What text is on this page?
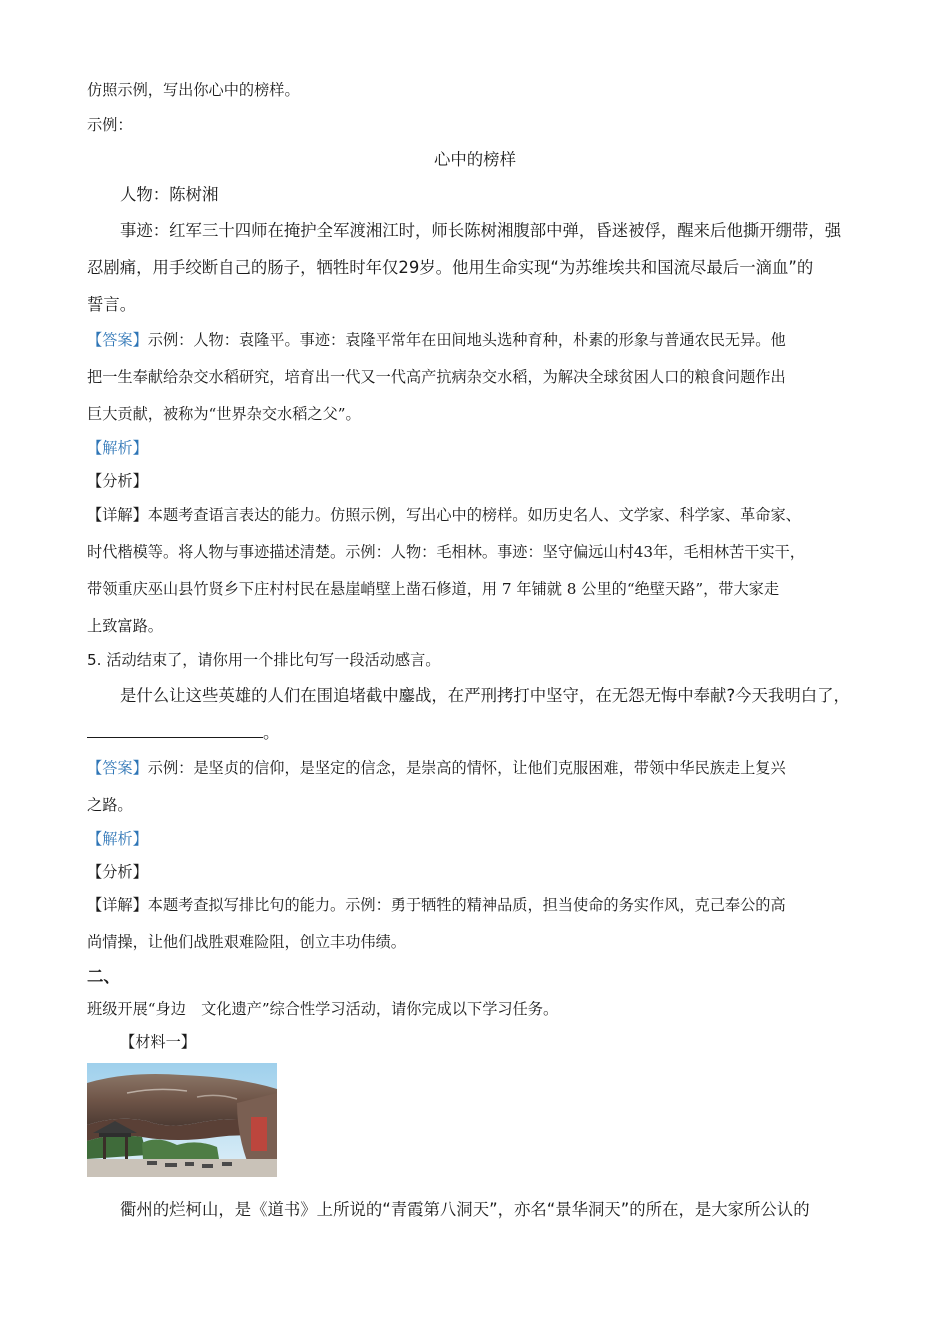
仿照示例，写出你心中的榜样。
示例：
心中的榜样
人物：陈树湘
事迹：红军三十四师在掩护全军渡湘江时，师长陈树湘腹部中弹，昏迷被俘，醒来后他撕开绷带，强
忍剧痛，用手绞断自己的肠子，牺牲时年仅29岁。他用生命实现“为苏维埃共和国流尽最后一滴血”的
誓言。
【答案】示例：人物：袁隆平。事迹：袁隆平常年在田间地头选种育种，朴素的形象与普通农民无异。他
把一生奉献给杂交水稻研究，培育出一代又一代高产抗病杂交水稻，为解决全球贫困人口的粮食问题作出
巨大贡献，被称为“世界杂交水稻之父”。
【解析】
【分析】
【详解】本题考查语言表达的能力。仿照示例，写出心中的榜样。如历史名人、文学家、科学家、革命家、
时代楷模等。将人物与事迹描述清楚。示例：人物：毛相林。事迹：坚守偏远山村43年，毛相林苦干实干，
带领重庆巫山县竹贤乡下庄村村民在悬崖峭壁上凿石修道，用 7 年铺就 8 公里的“绝壁天路”，带大家走
上致富路。
5. 活动结束了，请你用一个排比句写一段活动感言。
是什么让这些英雄的人们在围追堵截中鏖战，在严刑拷打中坚守，在无怨无悔中奉献?今天我明白了，
。
【答案】示例：是坚贞的信仰，是坚定的信念，是崇高的情怀，让他们克服困难，带领中华民族走上复兴
之路。
【解析】
【分析】
【详解】本题考查拟写排比句的能力。示例：勇于牺牲的精神品质，担当使命的务实作风，克己奉公的高
尚情操，让他们战胜艰难险阻，创立丰功伟绩。
二、
班级开展“身边　文化遗产”综合性学习活动，请你完成以下学习任务。
【材料一】
衢州的烂柯山，是《道书》上所说的“青霞第八洞天”，亦名“景华洞天”的所在，是大家所公认的
